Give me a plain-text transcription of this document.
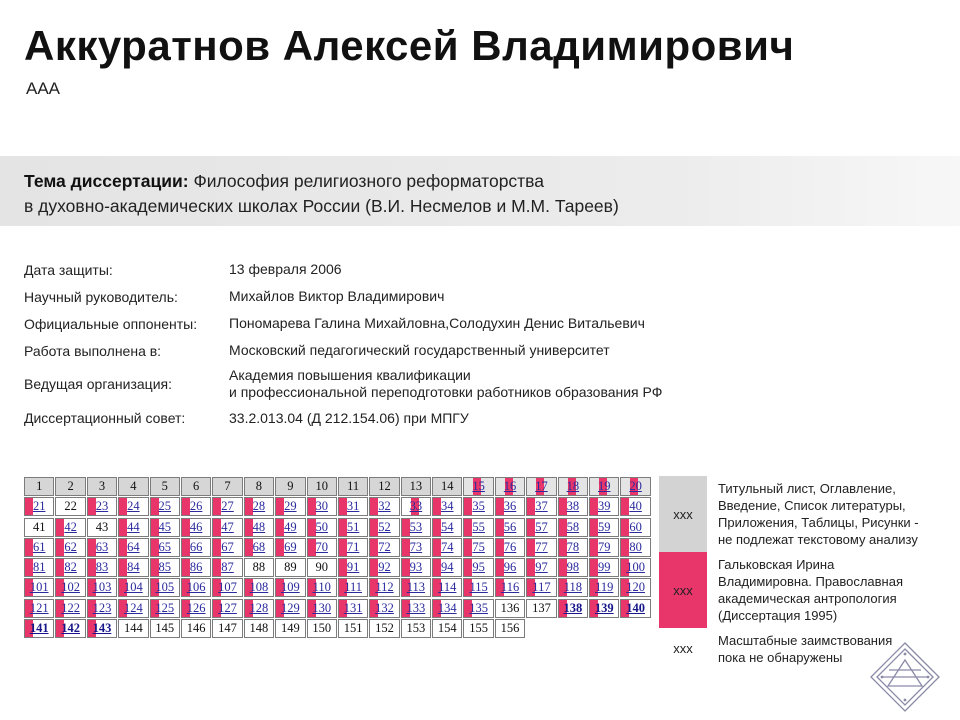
Аккуратнов Алексей Владимирович
ААА
Тема диссертации: Философия религиозного реформаторства
в духовно-академических школах России (В.И. Несмелов и М.М. Тареев)
Дата защиты:	13 февраля 2006
Научный руководитель:	Михайлов Виктор Владимирович
Официальные оппоненты:	Пономарева Галина Михайловна,Солодухин Денис Витальевич
Работа выполнена в:	Московский педагогический государственный университет
Ведущая организация:
Академия повышения квалификации
и профессиональной переподготовки работников образования РФ
Диссертационный совет:	33.2.013.04 (Д 212.154.06) при МПГУ
1	2	3	4	5	6	7	8	9	10	11	12	13	14	15	16	17	18	19	20
21	22	23	24	25	26	27	28	29	30	31	32	33	34	35	36	37	38	39	40
41	42	43	44	45	46	47	48	49	50	51	52	53	54	55	56	57	58	59	60
61	62	63	64	65	66	67	68	69	70	71	72	73	74	75	76	77	78	79	80
81	82	83	84	85	86	87	88	89	90	91	92	93	94	95	96	97	98	99	100
101	102	103	104	105	106	107	108	109	110	111	112	113	114	115	116	117	118	119	120
121	122	123	124	125	126	127	128	129	130	131	132	133	134	135	136	137	138	139	140
141	142	143	144	145	146	147	148	149	150	151	152	153	154	155	156
ххх
Титульный лист, Оглавление,
Введение, Список литературы,
Приложения, Таблицы, Рисунки -
не подлежат текстовому анализу
ххх
Гальковская Ирина
Владимировна. Православная
академическая антропология
(Диссертация 1995)
ххх	Масштабные заимствования
пока не обнаружены
